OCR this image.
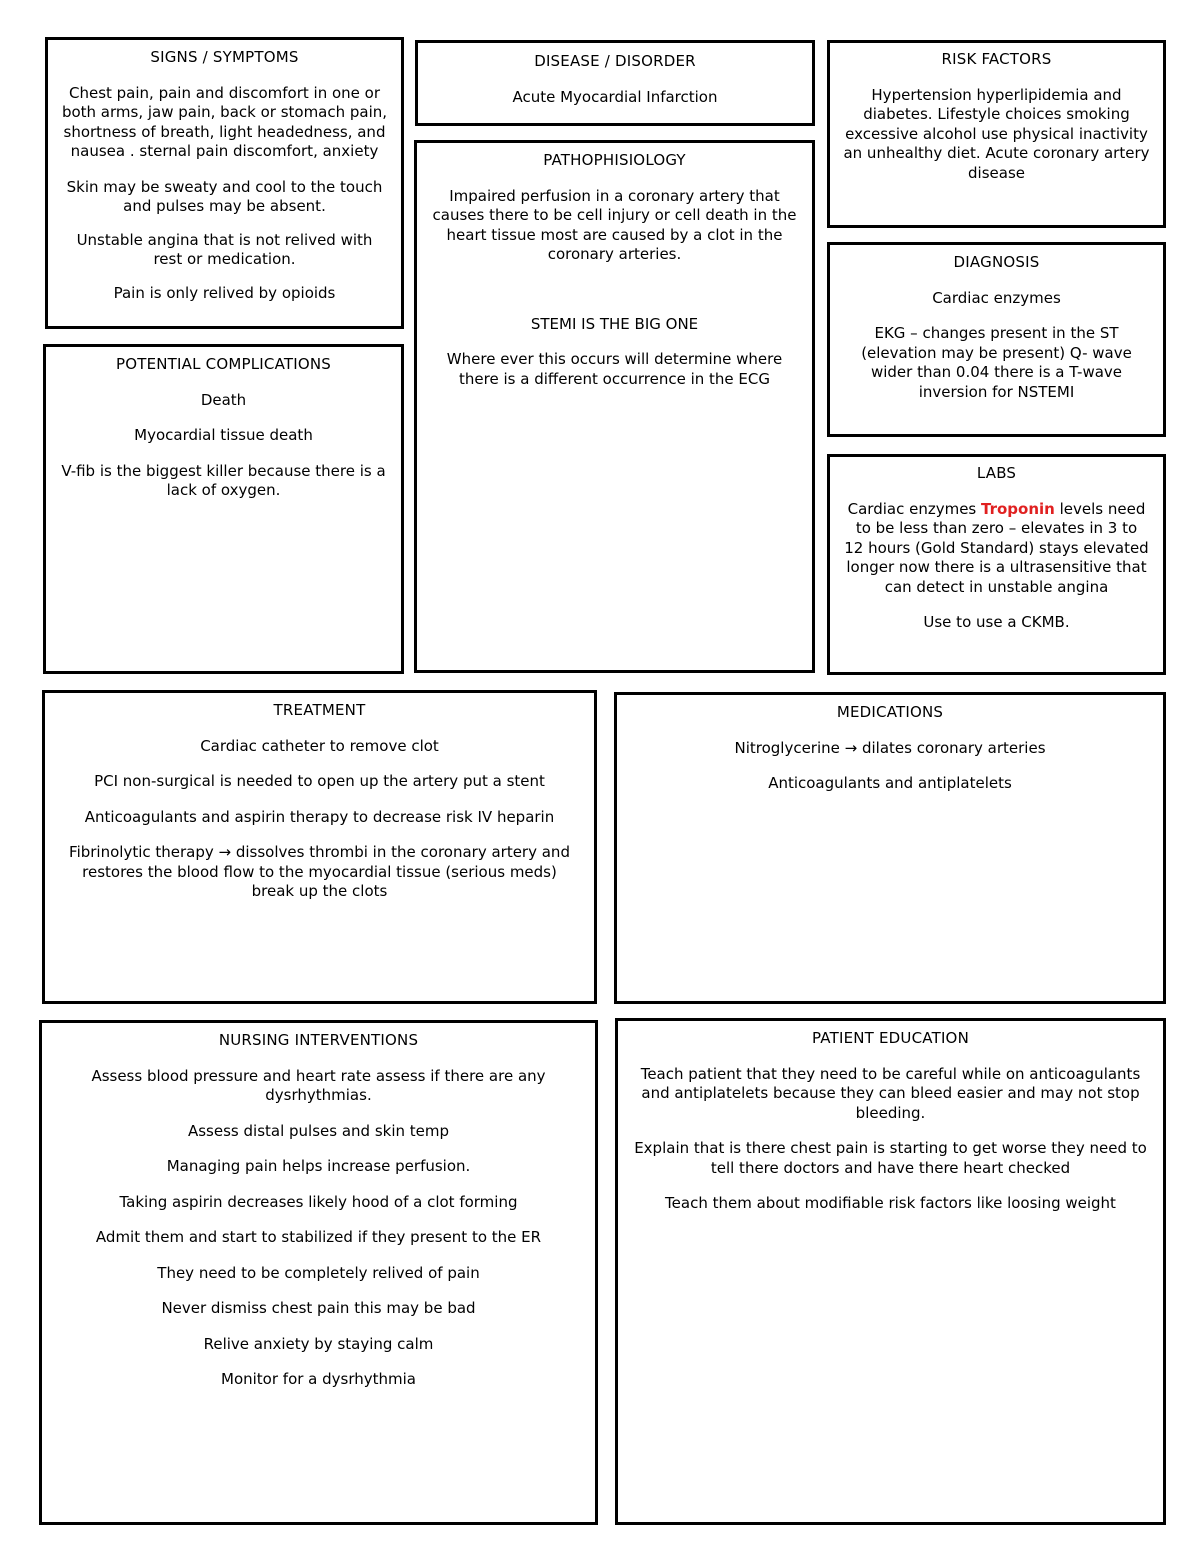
SIGNS / SYMPTOMS

Chest pain, pain and discomfort in one or both arms, jaw pain, back or stomach pain, shortness of breath, light headedness, and nausea . sternal pain discomfort, anxiety

Skin may be sweaty and cool to the touch and pulses may be absent.

Unstable angina that is not relived with rest or medication.

Pain is only relived by opioids

DISEASE / DISORDER

Acute Myocardial Infarction

RISK FACTORS

Hypertension hyperlipidemia and diabetes. Lifestyle choices smoking excessive alcohol use physical inactivity an unhealthy diet. Acute coronary artery disease

PATHOPHISIOLOGY

Impaired perfusion in a coronary artery that causes there to be cell injury or cell death in the heart tissue most are caused by a clot in the coronary arteries.

STEMI IS THE BIG ONE

Where ever this occurs will determine where there is a different occurrence in the ECG

DIAGNOSIS

Cardiac enzymes

EKG – changes present in the ST (elevation may be present) Q- wave wider than 0.04 there is a T-wave inversion for NSTEMI

POTENTIAL COMPLICATIONS

Death

Myocardial tissue death

V-fib is the biggest killer because there is a lack of oxygen.

LABS

Cardiac enzymes Troponin levels need to be less than zero – elevates in 3 to 12 hours (Gold Standard) stays elevated longer now there is a ultrasensitive that can detect in unstable angina

Use to use a CKMB.

TREATMENT

Cardiac catheter to remove clot

PCI non-surgical is needed to open up the artery put a stent

Anticoagulants and aspirin therapy to decrease risk IV heparin

Fibrinolytic therapy → dissolves thrombi in the coronary artery and restores the blood flow to the myocardial tissue (serious meds) break up the clots

MEDICATIONS

Nitroglycerine → dilates coronary arteries

Anticoagulants and antiplatelets

NURSING INTERVENTIONS

Assess blood pressure and heart rate assess if there are any dysrhythmias.

Assess distal pulses and skin temp

Managing pain helps increase perfusion.

Taking aspirin decreases likely hood of a clot forming

Admit them and start to stabilized if they present to the ER

They need to be completely relived of pain

Never dismiss chest pain this may be bad

Relive anxiety by staying calm

Monitor for a dysrhythmia

PATIENT EDUCATION

Teach patient that they need to be careful while on anticoagulants and antiplatelets because they can bleed easier and may not stop bleeding.

Explain that is there chest pain is starting to get worse they need to tell there doctors and have there heart checked

Teach them about modifiable risk factors like loosing weight
